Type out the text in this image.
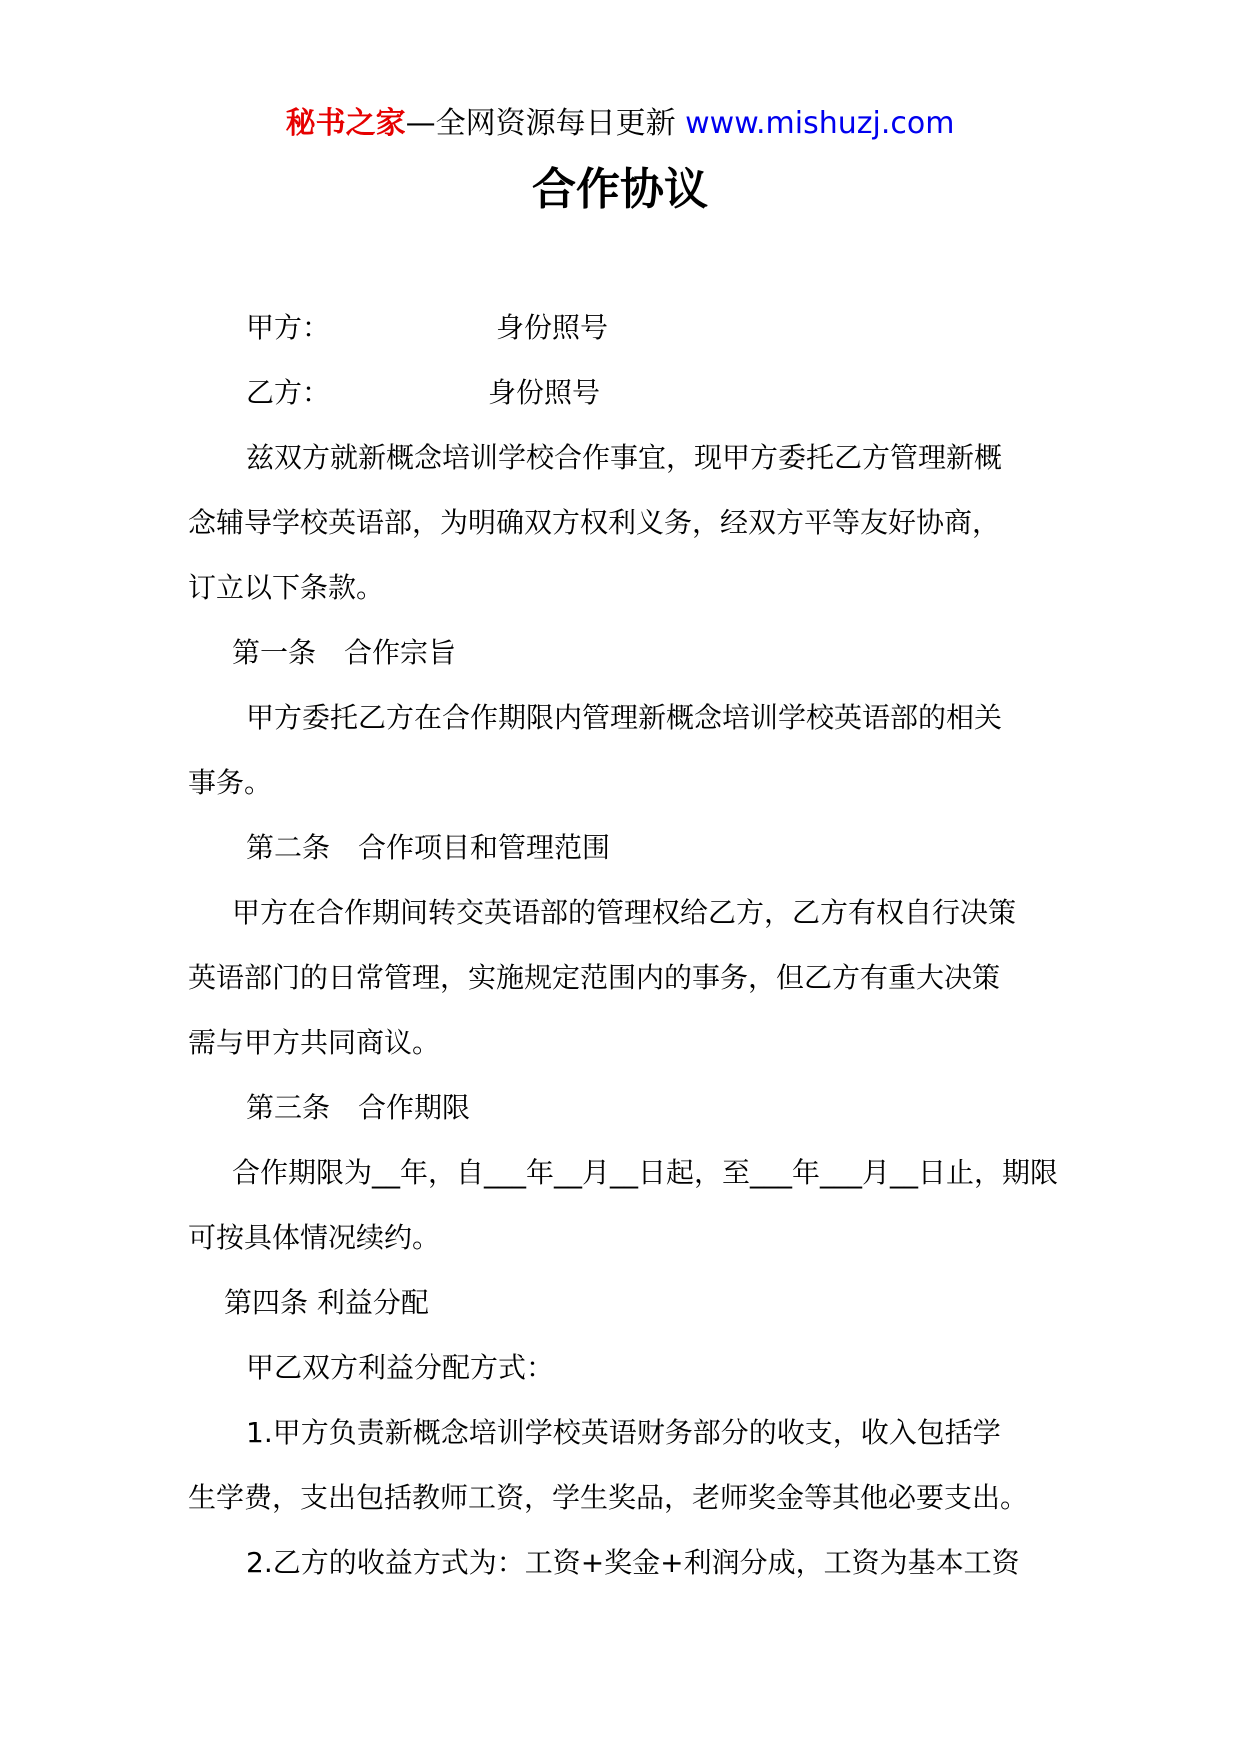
秘书之家—全网资源每日更新 www.mishuzj.com
合作协议
甲方：	身份照号
乙方：	身份照号
兹双方就新概念培训学校合作事宜，现甲方委托乙方管理新概
念辅导学校英语部，为明确双方权利义务，经双方平等友好协商，
订立以下条款。
第一条　合作宗旨
甲方委托乙方在合作期限内管理新概念培训学校英语部的相关
事务。
第二条　合作项目和管理范围
甲方在合作期间转交英语部的管理权给乙方，乙方有权自行决策
英语部门的日常管理，实施规定范围内的事务，但乙方有重大决策
需与甲方共同商议。
第三条　合作期限
合作期限为__年，自___年__月__日起，至___年___月__日止，期限
可按具体情况续约。
第四条 利益分配
甲乙双方利益分配方式：
1.甲方负责新概念培训学校英语财务部分的收支，收入包括学
生学费，支出包括教师工资，学生奖品，老师奖金等其他必要支出。
2.乙方的收益方式为：工资+奖金+利润分成，工资为基本工资
